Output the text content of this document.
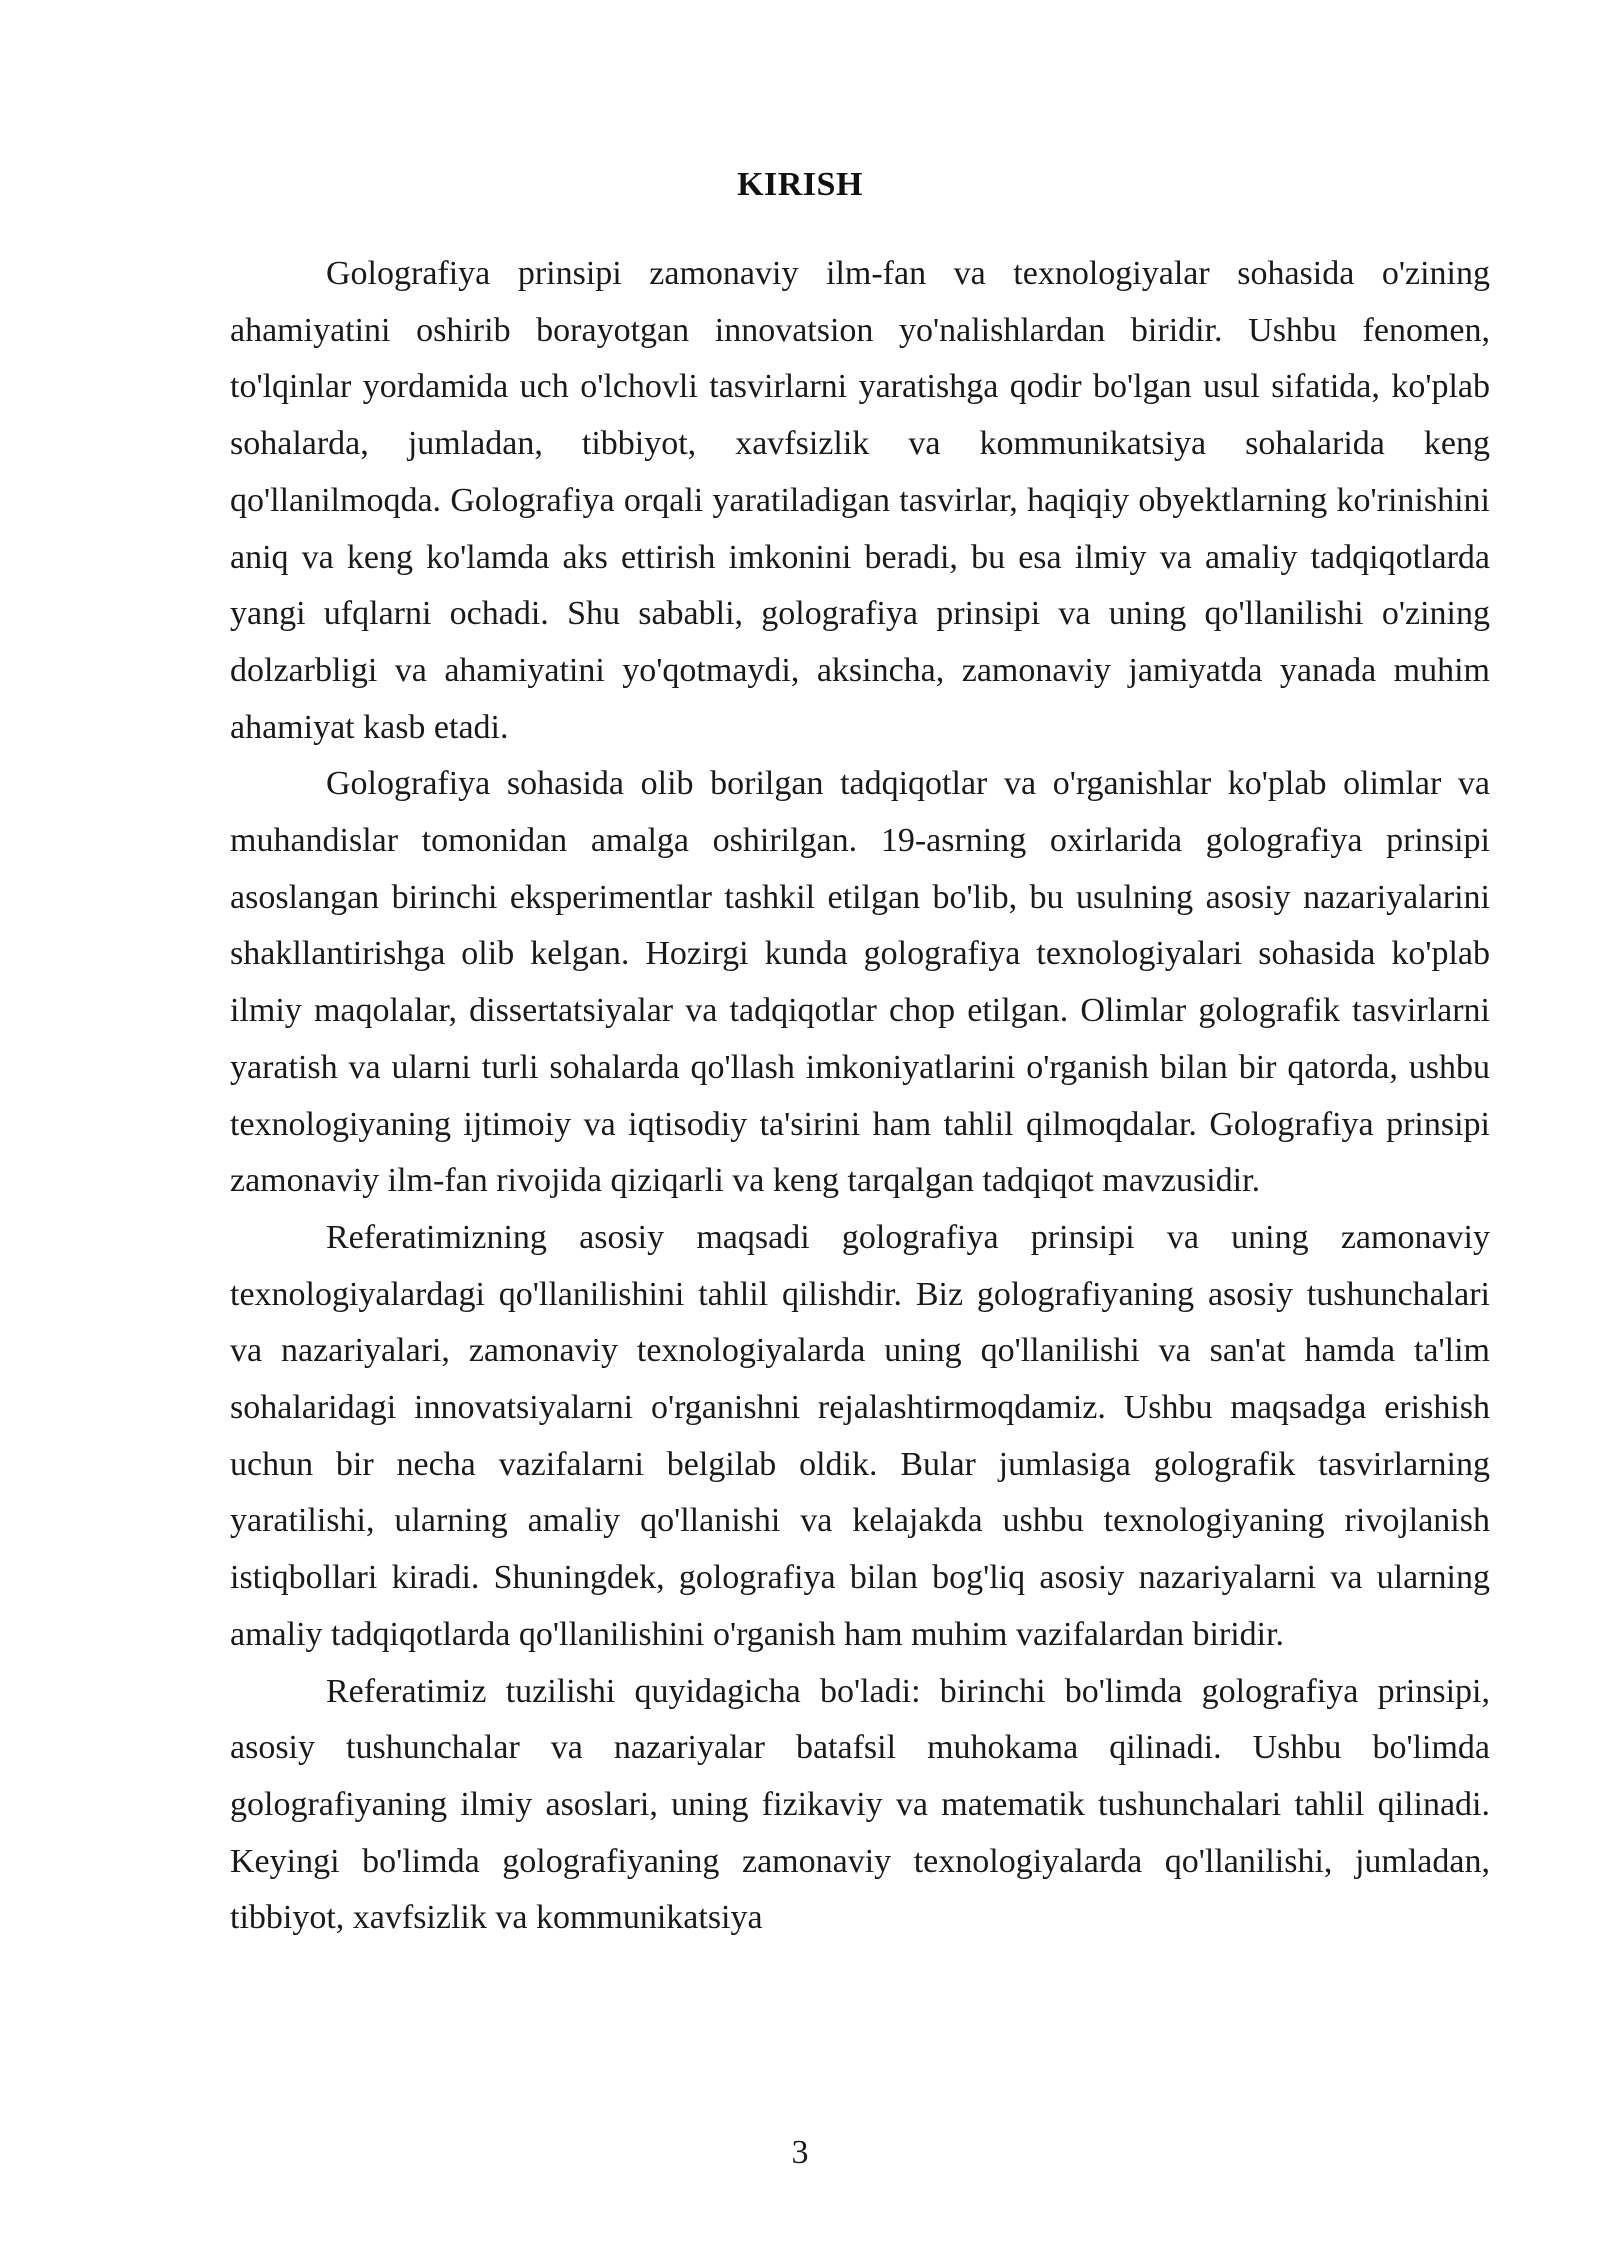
KIRISH

Golografiya prinsipi zamonaviy ilm-fan va texnologiyalar sohasida o'zining ahamiyatini oshirib borayotgan innovatsion yo'nalishlardan biridir. Ushbu fenomen, to'lqinlar yordamida uch o'lchovli tasvirlarni yaratishga qodir bo'lgan usul sifatida, ko'plab sohalarda, jumladan, tibbiyot, xavfsizlik va kommunikatsiya sohalarida keng qo'llanilmoqda. Golografiya orqali yaratiladigan tasvirlar, haqiqiy obyektlarning ko'rinishini aniq va keng ko'lamda aks ettirish imkonini beradi, bu esa ilmiy va amaliy tadqiqotlarda yangi ufqlarni ochadi. Shu sababli, golografiya prinsipi va uning qo'llanilishi o'zining dolzarbligi va ahamiyatini yo'qotmaydi, aksincha, zamonaviy jamiyatda yanada muhim ahamiyat kasb etadi.

Golografiya sohasida olib borilgan tadqiqotlar va o'rganishlar ko'plab olimlar va muhandislar tomonidan amalga oshirilgan. 19-asrning oxirlarida golografiya prinsipi asoslangan birinchi eksperimentlar tashkil etilgan bo'lib, bu usulning asosiy nazariyalarini shakllantirishga olib kelgan. Hozirgi kunda golografiya texnologiyalari sohasida ko'plab ilmiy maqolalar, dissertatsiyalar va tadqiqotlar chop etilgan. Olimlar golografik tasvirlarni yaratish va ularni turli sohalarda qo'llash imkoniyatlarini o'rganish bilan bir qatorda, ushbu texnologiyaning ijtimoiy va iqtisodiy ta'sirini ham tahlil qilmoqdalar. Golografiya prinsipi zamonaviy ilm-fan rivojida qiziqarli va keng tarqalgan tadqiqot mavzusidir.

Referatimizning asosiy maqsadi golografiya prinsipi va uning zamonaviy texnologiyalardagi qo'llanilishini tahlil qilishdir. Biz golografiyaning asosiy tushunchalari va nazariyalari, zamonaviy texnologiyalarda uning qo'llanilishi va san'at hamda ta'lim sohalaridagi innovatsiyalarni o'rganishni rejalashtirmoqdamiz. Ushbu maqsadga erishish uchun bir necha vazifalarni belgilab oldik. Bular jumlasiga golografik tasvirlarning yaratilishi, ularning amaliy qo'llanishi va kelajakda ushbu texnologiyaning rivojlanish istiqbollari kiradi. Shuningdek, golografiya bilan bog'liq asosiy nazariyalarni va ularning amaliy tadqiqotlarda qo'llanilishini o'rganish ham muhim vazifalardan biridir.

Referatimiz tuzilishi quyidagicha bo'ladi: birinchi bo'limda golografiya prinsipi, asosiy tushunchalar va nazariyalar batafsil muhokama qilinadi. Ushbu bo'limda golografiyaning ilmiy asoslari, uning fizikaviy va matematik tushunchalari tahlil qilinadi. Keyingi bo'limda golografiyaning zamonaviy texnologiyalarda qo'llanilishi, jumladan, tibbiyot, xavfsizlik va kommunikatsiya

3
